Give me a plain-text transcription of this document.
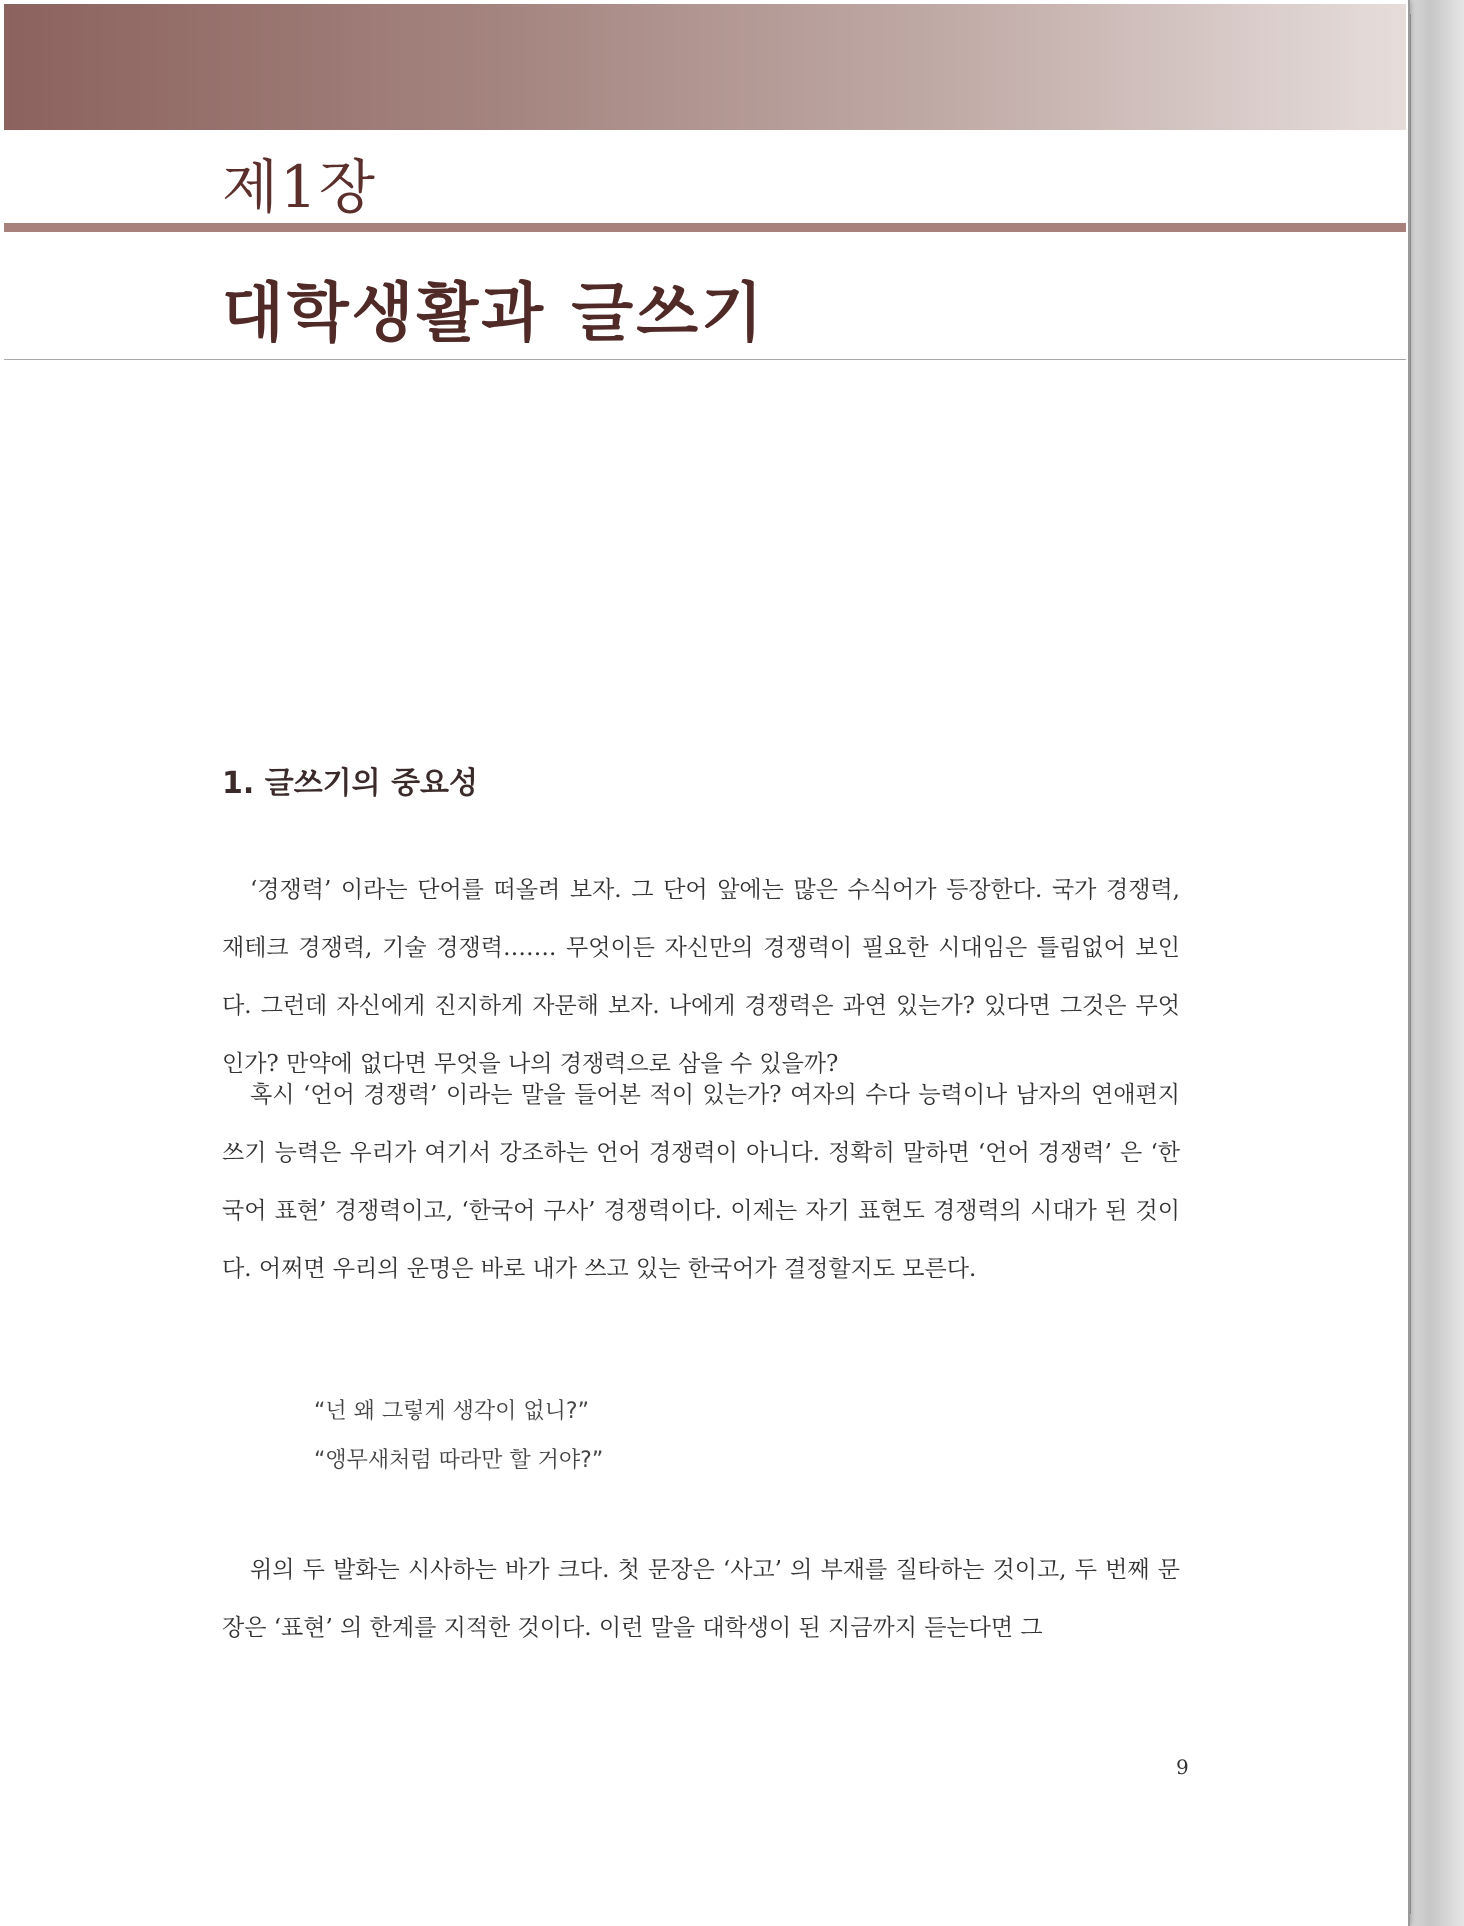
제1장
대학생활과 글쓰기
1. 글쓰기의 중요성

‘경쟁력’ 이라는 단어를 떠올려 보자. 그 단어 앞에는 많은 수식어가 등장한다. 국가 경쟁력, 재테크 경쟁력, 기술 경쟁력……. 무엇이든 자신만의 경쟁력이 필요한 시대임은 틀림없어 보인다. 그런데 자신에게 진지하게 자문해 보자. 나에게 경쟁력은 과연 있는가? 있다면 그것은 무엇인가? 만약에 없다면 무엇을 나의 경쟁력으로 삼을 수 있을까?

혹시 ‘언어 경쟁력’ 이라는 말을 들어본 적이 있는가? 여자의 수다 능력이나 남자의 연애편지 쓰기 능력은 우리가 여기서 강조하는 언어 경쟁력이 아니다. 정확히 말하면 ‘언어 경쟁력’ 은 ‘한국어 표현’ 경쟁력이고, ‘한국어 구사’ 경쟁력이다. 이제는 자기 표현도 경쟁력의 시대가 된 것이다. 어쩌면 우리의 운명은 바로 내가 쓰고 있는 한국어가 결정할지도 모른다.

“넌 왜 그렇게 생각이 없니?”
“앵무새처럼 따라만 할 거야?”

위의 두 발화는 시사하는 바가 크다. 첫 문장은 ‘사고’ 의 부재를 질타하는 것이고, 두 번째 문장은 ‘표현’ 의 한계를 지적한 것이다. 이런 말을 대학생이 된 지금까지 듣는다면 그

9
